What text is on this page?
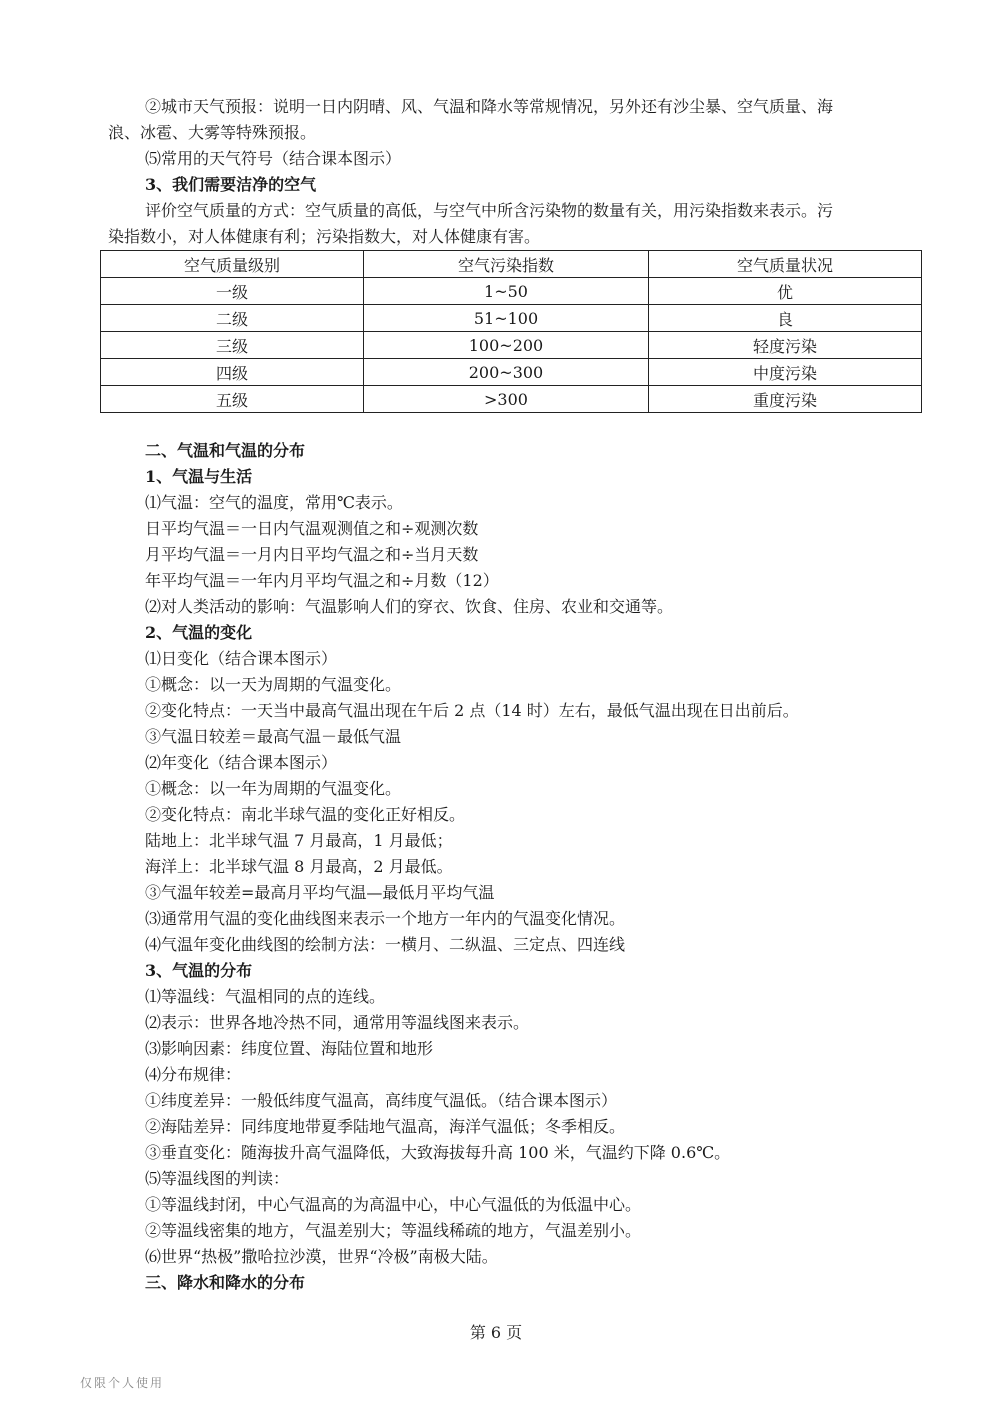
②城市天气预报：说明一日内阴晴、风、气温和降水等常规情况，另外还有沙尘暴、空气质量、海

浪、冰雹、大雾等特殊预报。

⑸常用的天气符号（结合课本图示）

3、我们需要洁净的空气

评价空气质量的方式：空气质量的高低，与空气中所含污染物的数量有关，用污染指数来表示。污

染指数小，对人体健康有利；污染指数大，对人体健康有害。

空气质量级别	空气污染指数	空气质量状况
一级	1~50	优
二级	51~100	良
三级	100~200	轻度污染
四级	200~300	中度污染
五级	>300	重度污染

二、气温和气温的分布

1、气温与生活

⑴气温：空气的温度，常用℃表示。

日平均气温＝一日内气温观测值之和÷观测次数

月平均气温＝一月内日平均气温之和÷当月天数

年平均气温＝一年内月平均气温之和÷月数（12）

⑵对人类活动的影响：气温影响人们的穿衣、饮食、住房、农业和交通等。

2、气温的变化

⑴日变化（结合课本图示）

①概念：以一天为周期的气温变化。

②变化特点：一天当中最高气温出现在午后 2 点（14 时）左右，最低气温出现在日出前后。

③气温日较差＝最高气温－最低气温

⑵年变化（结合课本图示）

①概念：以一年为周期的气温变化。

②变化特点：南北半球气温的变化正好相反。

陆地上：北半球气温 7 月最高，1 月最低；

海洋上：北半球气温 8 月最高，2 月最低。

③气温年较差=最高月平均气温—最低月平均气温

⑶通常用气温的变化曲线图来表示一个地方一年内的气温变化情况。

⑷气温年变化曲线图的绘制方法：一横月、二纵温、三定点、四连线

3、气温的分布

⑴等温线：气温相同的点的连线。

⑵表示：世界各地冷热不同，通常用等温线图来表示。

⑶影响因素：纬度位置、海陆位置和地形

⑷分布规律：

①纬度差异：一般低纬度气温高，高纬度气温低。（结合课本图示）

②海陆差异：同纬度地带夏季陆地气温高，海洋气温低；冬季相反。

③垂直变化：随海拔升高气温降低，大致海拔每升高 100 米，气温约下降 0.6℃。

⑸等温线图的判读：

①等温线封闭，中心气温高的为高温中心，中心气温低的为低温中心。

②等温线密集的地方，气温差别大；等温线稀疏的地方，气温差别小。

⑹世界“热极”撒哈拉沙漠，世界“冷极”南极大陆。

三、降水和降水的分布

第 6 页
仅限个人使用
